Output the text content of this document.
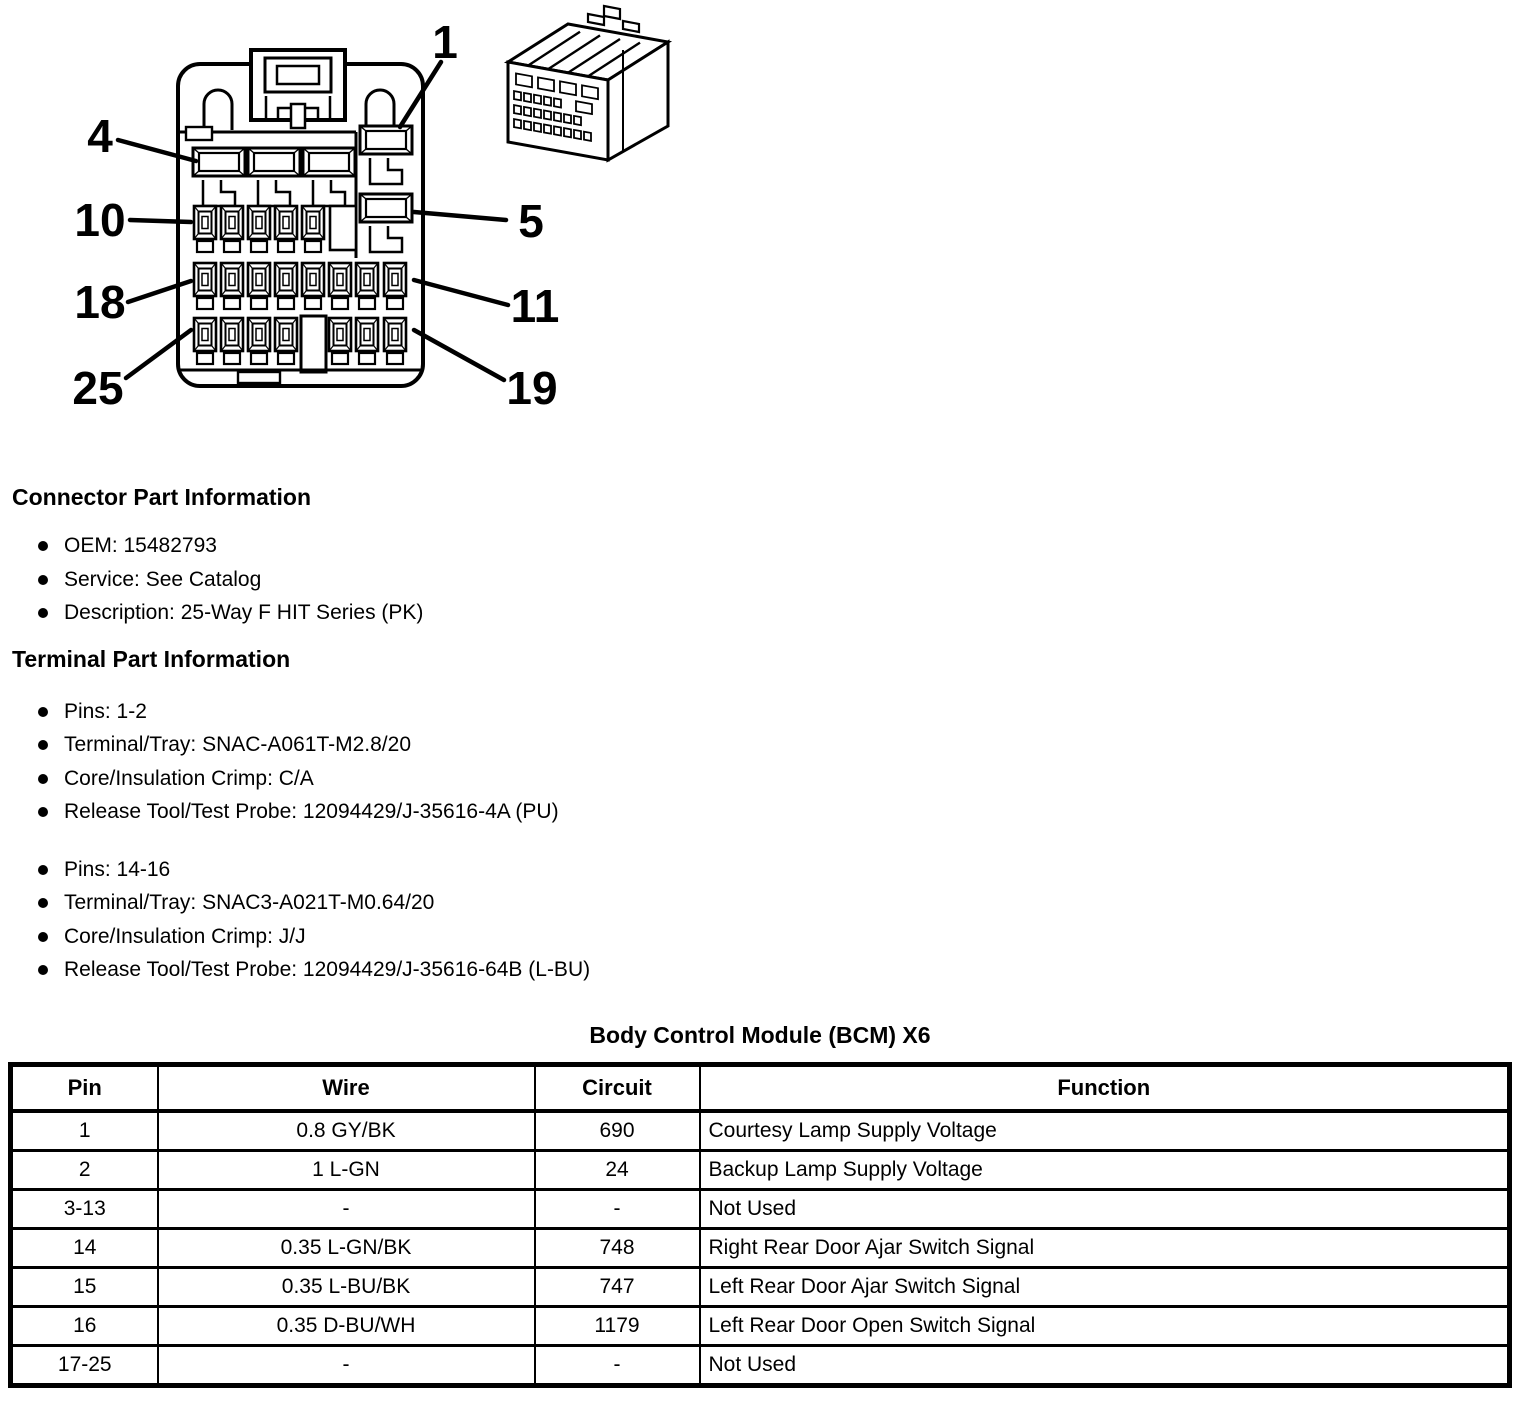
1
4
10
18
25
5
11
19
Connector Part Information
OEM: 15482793
Service: See Catalog
Description: 25-Way F HIT Series (PK)
Terminal Part Information
Pins: 1-2
Terminal/Tray: SNAC-A061T-M2.8/20
Core/Insulation Crimp: C/A
Release Tool/Test Probe: 12094429/J-35616-4A (PU)
Pins: 14-16
Terminal/Tray: SNAC3-A021T-M0.64/20
Core/Insulation Crimp: J/J
Release Tool/Test Probe: 12094429/J-35616-64B (L-BU)
Body Control Module (BCM) X6
Pin	Wire	Circuit	Function
1	0.8 GY/BK	690	Courtesy Lamp Supply Voltage
2	1 L-GN	24	Backup Lamp Supply Voltage
3-13	-	-	Not Used
14	0.35 L-GN/BK	748	Right Rear Door Ajar Switch Signal
15	0.35 L-BU/BK	747	Left Rear Door Ajar Switch Signal
16	0.35 D-BU/WH	1179	Left Rear Door Open Switch Signal
17-25	-	-	Not Used
